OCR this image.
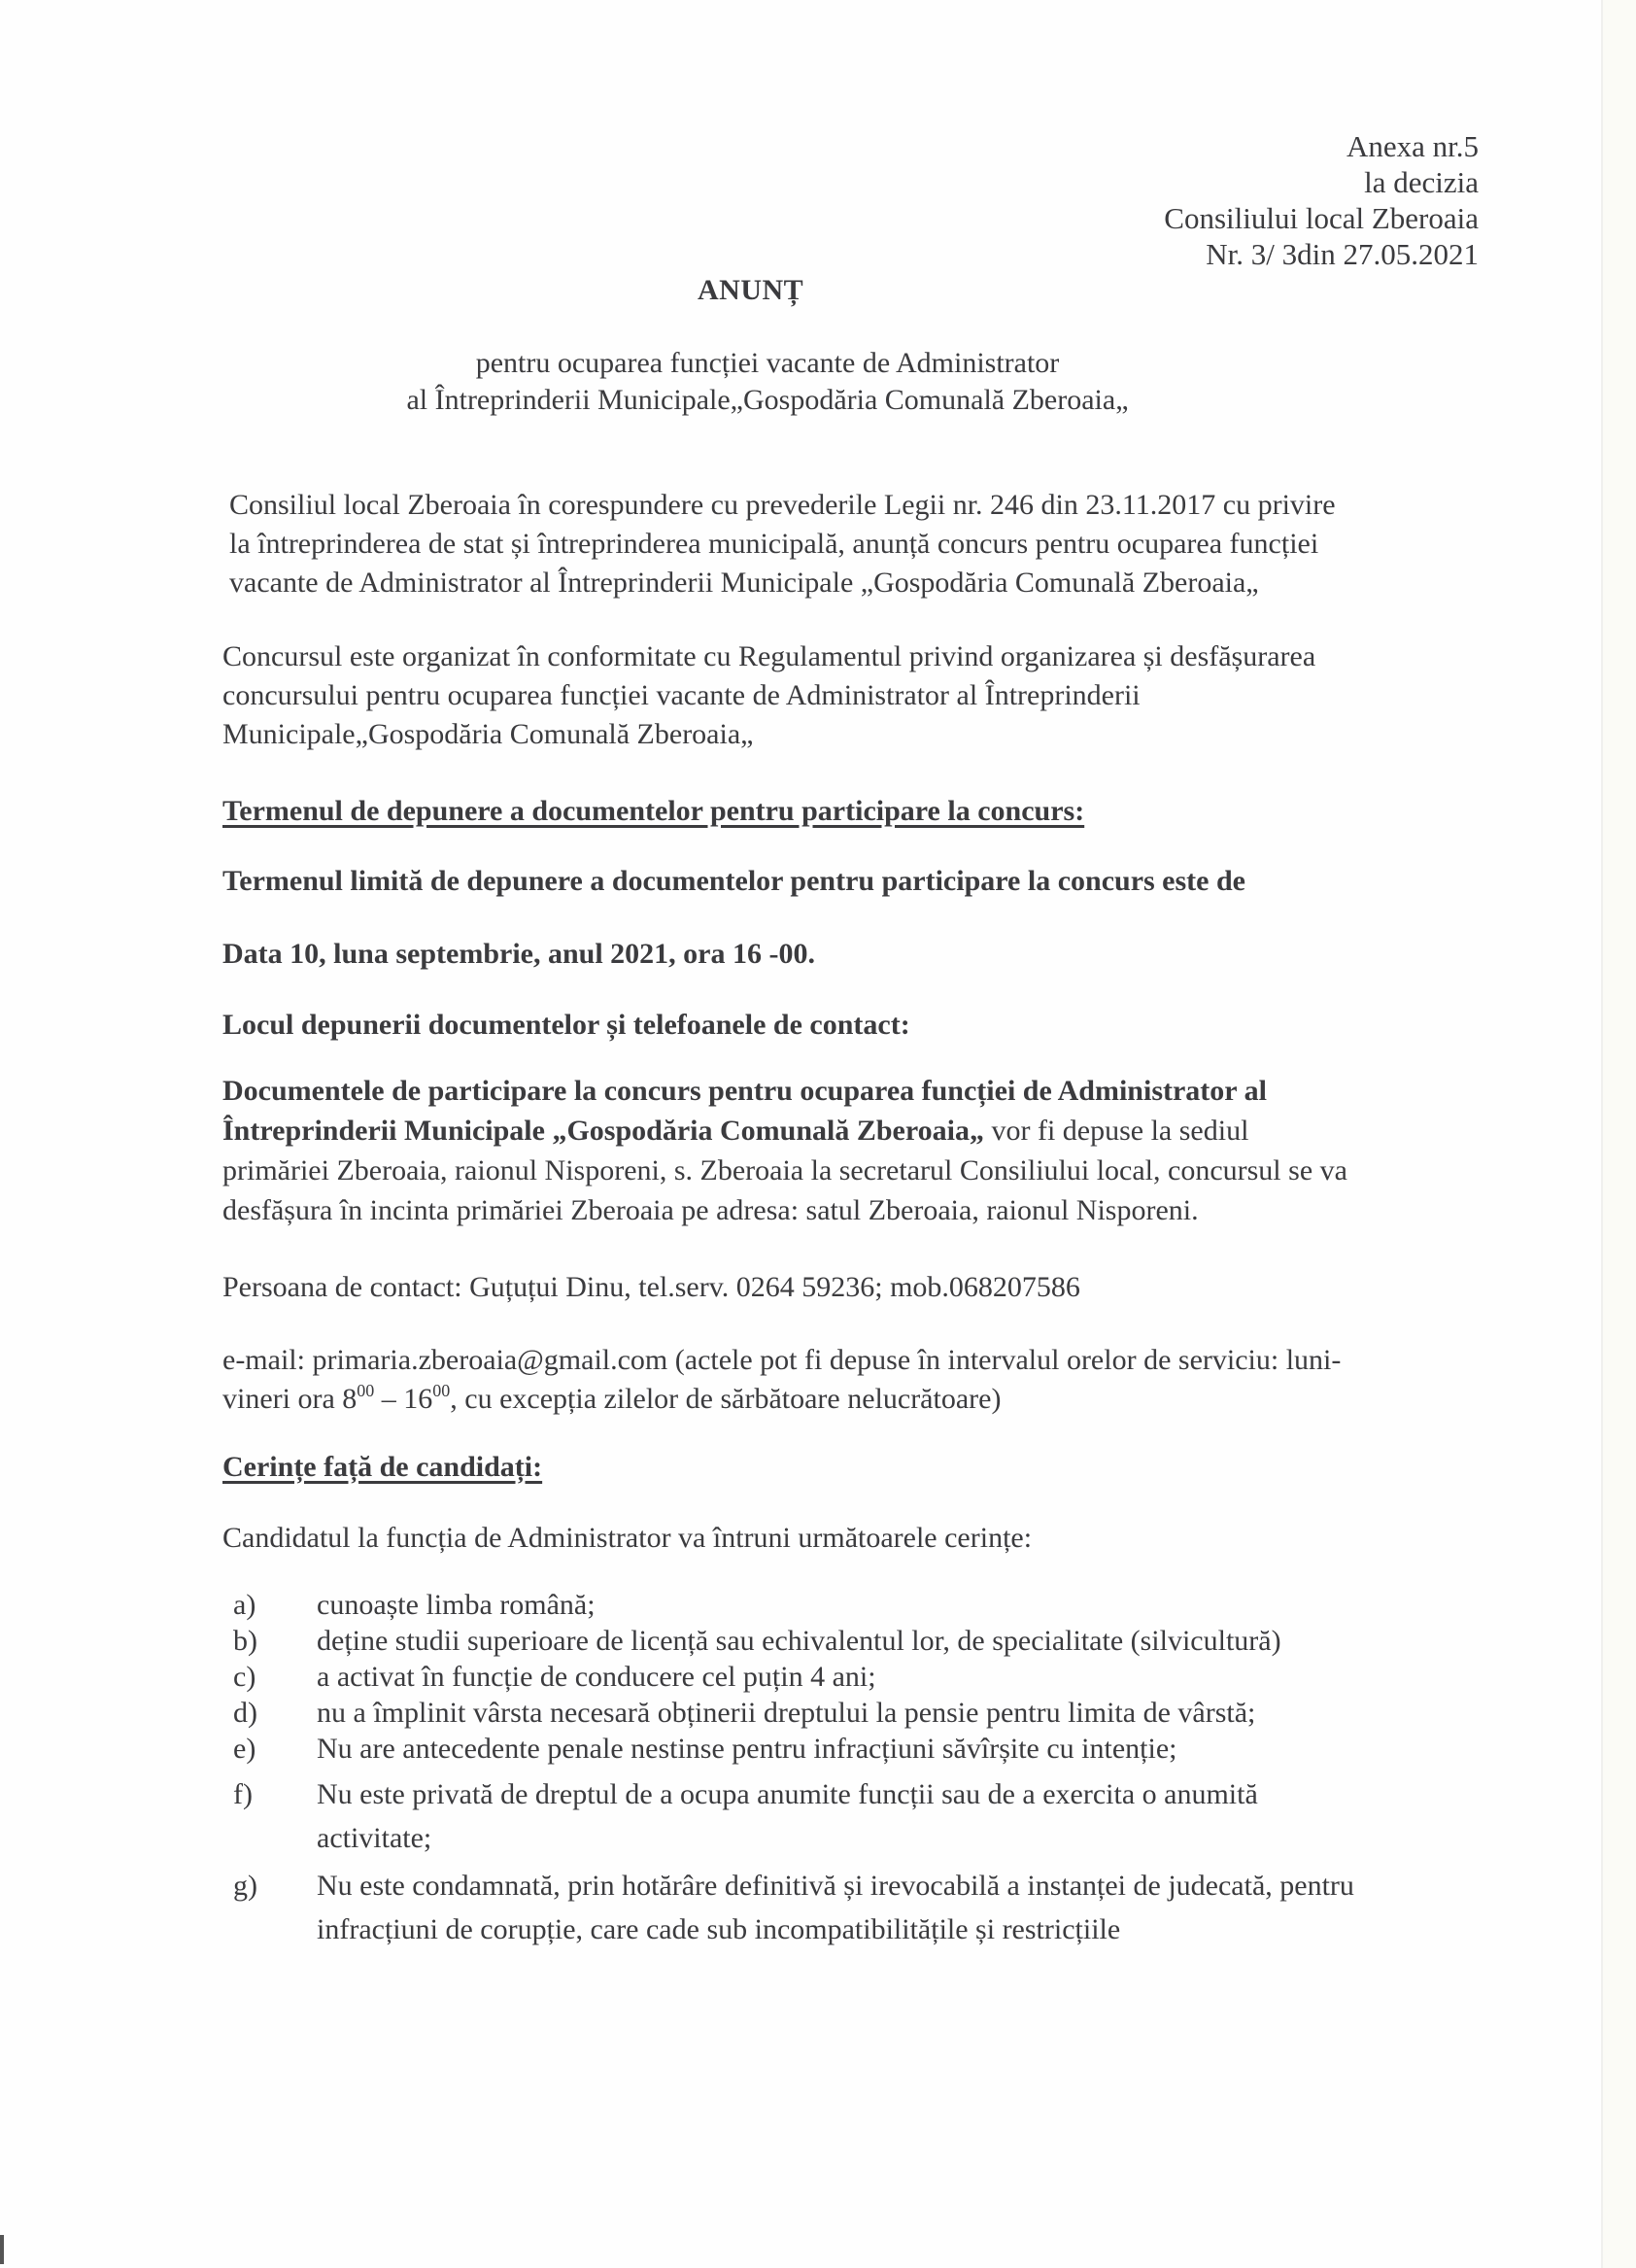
Anexa nr.5
la decizia
Consiliului local Zberoaia
Nr. 3/ 3din 27.05.2021
ANUNȚ
pentru ocuparea funcției vacante de Administrator
al Întreprinderii Municipale„Gospodăria Comunală Zberoaia„
Consiliul local Zberoaia în corespundere cu prevederile Legii nr. 246 din 23.11.2017 cu privire
la întreprinderea de stat și întreprinderea municipală, anunță concurs pentru ocuparea funcției
vacante de Administrator al Întreprinderii Municipale „Gospodăria Comunală Zberoaia„
Concursul este organizat în conformitate cu Regulamentul privind organizarea și desfășurarea
concursului pentru ocuparea funcției vacante de Administrator al Întreprinderii
Municipale„Gospodăria Comunală Zberoaia„
Termenul de depunere a documentelor pentru participare la concurs:
Termenul limită de depunere a documentelor pentru participare la concurs este de
Data 10, luna septembrie, anul 2021, ora 16 -00.
Locul depunerii documentelor și telefoanele de contact:
Documentele de participare la concurs pentru ocuparea funcției de Administrator al
Întreprinderii Municipale „Gospodăria Comunală Zberoaia„ vor fi depuse la sediul
primăriei Zberoaia, raionul Nisporeni, s. Zberoaia la secretarul Consiliului local, concursul se va
desfășura în incinta primăriei Zberoaia pe adresa: satul Zberoaia, raionul Nisporeni.
Persoana de contact: Guțuțui Dinu, tel.serv. 0264 59236; mob.068207586
e-mail: primaria.zberoaia@gmail.com (actele pot fi depuse în intervalul orelor de serviciu: luni-
vineri ora $8^{00} - 16^{00}$, cu excepția zilelor de sărbătoare nelucrătoare)
Cerințe față de candidați:
Candidatul la funcția de Administrator va întruni următoarele cerințe:
a)	cunoaște limba română;
b)	deține studii superioare de licență sau echivalentul lor, de specialitate (silvicultură)
c)	a activat în funcție de conducere cel puțin 4 ani;
d)	nu a împlinit vârsta necesară obținerii dreptului la pensie pentru limita de vârstă;
e)	Nu are antecedente penale nestinse pentru infracțiuni săvîrșite cu intenție;
f)	Nu este privată de dreptul de a ocupa anumite funcții sau de a exercita o anumită
activitate;
g)	Nu este condamnată, prin hotărâre definitivă și irevocabilă a instanței de judecată, pentru
infracțiuni de corupție, care cade sub incompatibilitățile și restricțiile
